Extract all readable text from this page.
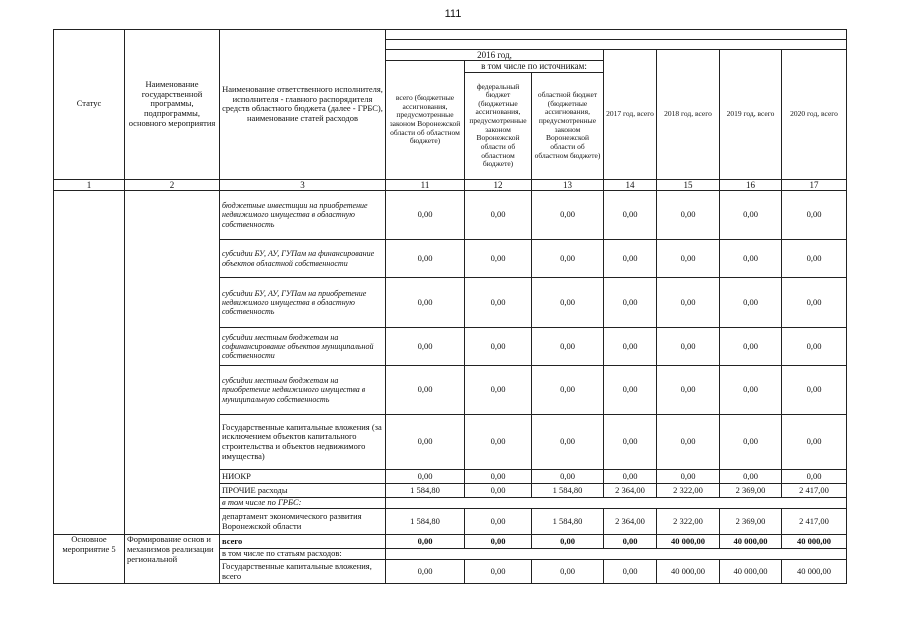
111
Статус	Наименование государственной программы, подпрограммы, основного мероприятия	Наименование ответственного исполнителя, исполнителя - главного распорядителя средств областного бюджета (далее - ГРБС), наименование статей расходов							

			2016 год,			2017 год, всего	2018 год, всего	2019 год, всего	2020 год, всего
			всего (бюджетные ассигнования, предусмотренные законом Воронежской области об областном бюджете)	в том числе по источникам:					
				федеральный бюджет (бюджетные ассигнования, предусмотренные законом Воронежской области об областном бюджете)	областной бюджет (бюджетные ассигнования, предусмотренные законом Воронежской области об областном бюджете)				
1	2	3	11	12	13	14	15	16	17
		бюджетные инвестиции на приобретение недвижимого имущества в областную собственность	0,00	0,00	0,00	0,00	0,00	0,00	0,00
		субсидии БУ, АУ, ГУПам на финансирование объектов областной собственности	0,00	0,00	0,00	0,00	0,00	0,00	0,00
		субсидии БУ, АУ, ГУПам на приобретение недвижимого имущества в областную собственность	0,00	0,00	0,00	0,00	0,00	0,00	0,00
		субсидии местным бюджетам на софинансирование объектов муниципальной собственности	0,00	0,00	0,00	0,00	0,00	0,00	0,00
		субсидии местным бюджетам на приобретение недвижимого имущества в муниципальную собственность	0,00	0,00	0,00	0,00	0,00	0,00	0,00
		Государственные капитальные вложения (за исключением объектов капитального строительства и объектов недвижимого имущества)	0,00	0,00	0,00	0,00	0,00	0,00	0,00
		НИОКР	0,00	0,00	0,00	0,00	0,00	0,00	0,00
		ПРОЧИЕ расходы	1 584,80	0,00	1 584,80	2 364,00	2 322,00	2 369,00	2 417,00
		в том числе по ГРБС:							
		департамент экономического развития Воронежской области	1 584,80	0,00	1 584,80	2 364,00	2 322,00	2 369,00	2 417,00
Основное мероприятие 5	Формирование основ и механизмов реализации региональной	всего	0,00	0,00	0,00	0,00	40 000,00	40 000,00	40 000,00
		в том числе по статьям расходов:							
		Государственные капитальные вложения, всего	0,00	0,00	0,00	0,00	40 000,00	40 000,00	40 000,00
